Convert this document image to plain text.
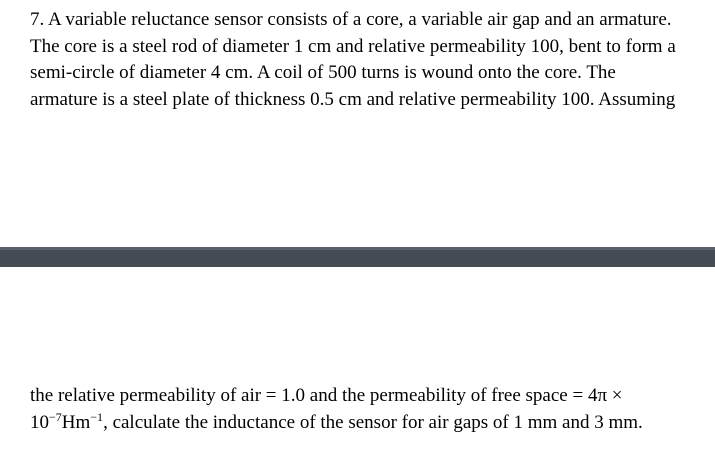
7. A variable reluctance sensor consists of a core, a variable air gap and an armature.
The core is a steel rod of diameter 1 cm and relative permeability 100, bent to form a
semi-circle of diameter 4 cm. A coil of 500 turns is wound onto the core. The
armature is a steel plate of thickness 0.5 cm and relative permeability 100. Assuming
the relative permeability of air = 1.0 and the permeability of free space = 4π ×
$10^{-7}Hm^{-1}$, calculate the inductance of the sensor for air gaps of 1 mm and 3 mm.
